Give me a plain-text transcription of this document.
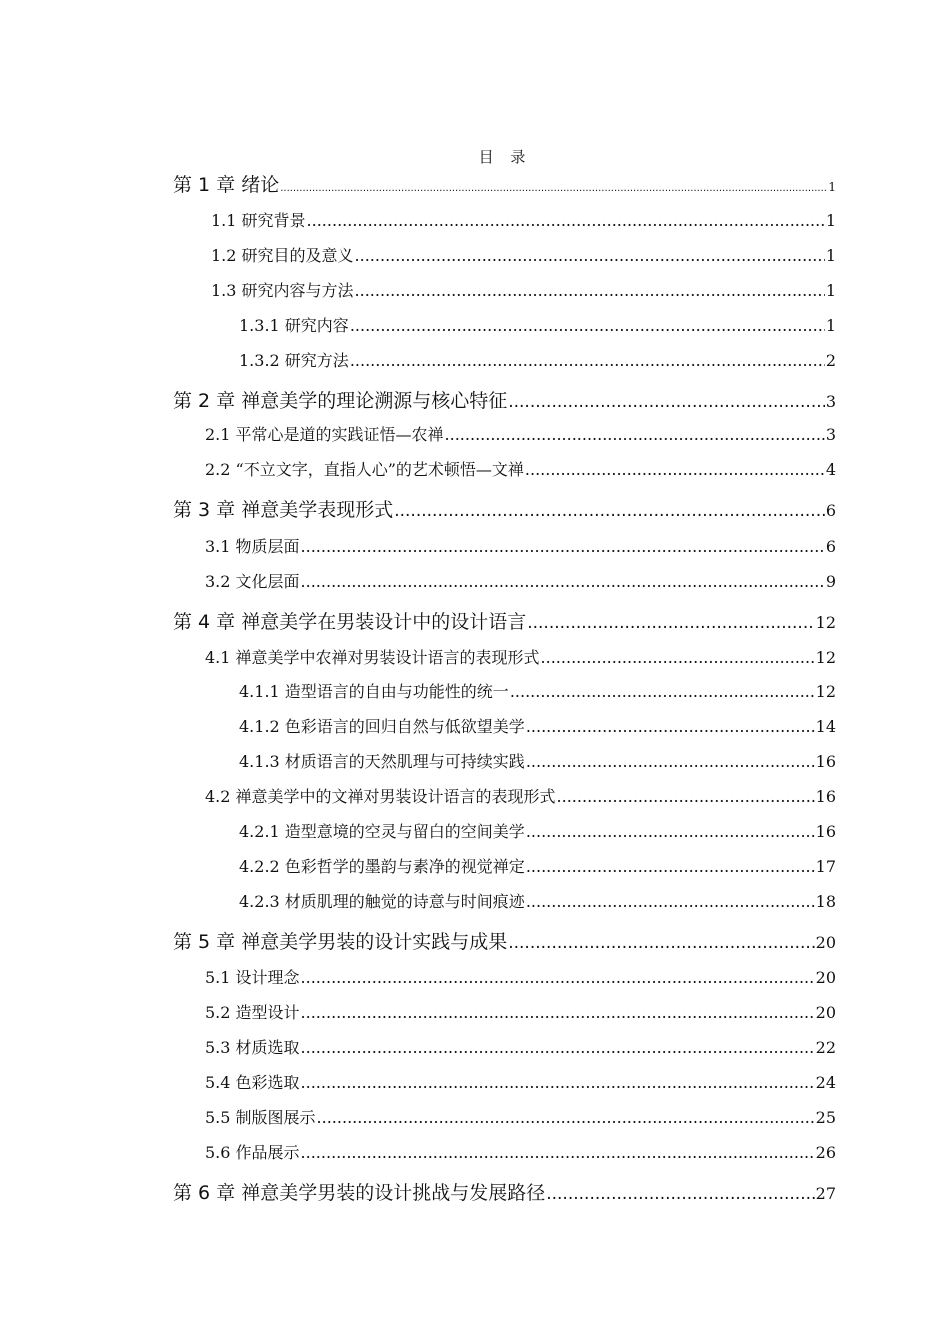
目 录
第 1 章 绪论 .....	1
1.1 研究背景 .....	1
1.2 研究目的及意义 .....	1
1.3 研究内容与方法 .....	1
1.3.1 研究内容 .....	1
1.3.2 研究方法 .....	2
第 2 章 禅意美学的理论溯源与核心特征 .....	3
2.1 平常心是道的实践证悟—农禅 .....	3
2.2 “不立文字，直指人心”的艺术顿悟—文禅 .....	4
第 3 章 禅意美学表现形式 .....	6
3.1 物质层面 .....	6
3.2 文化层面 .....	9
第 4 章 禅意美学在男装设计中的设计语言 .....	12
4.1 禅意美学中农禅对男装设计语言的表现形式 .....	12
4.1.1 造型语言的自由与功能性的统一 .....	12
4.1.2 色彩语言的回归自然与低欲望美学 .....	14
4.1.3 材质语言的天然肌理与可持续实践 .....	16
4.2 禅意美学中的文禅对男装设计语言的表现形式 .....	16
4.2.1 造型意境的空灵与留白的空间美学 .....	16
4.2.2 色彩哲学的墨韵与素净的视觉禅定 .....	17
4.2.3 材质肌理的触觉的诗意与时间痕迹 .....	18
第 5 章 禅意美学男装的设计实践与成果 .....	20
5.1 设计理念 .....	20
5.2 造型设计 .....	20
5.3 材质选取 .....	22
5.4 色彩选取 .....	24
5.5 制版图展示 .....	25
5.6 作品展示 .....	26
第 6 章 禅意美学男装的设计挑战与发展路径 .....	27
